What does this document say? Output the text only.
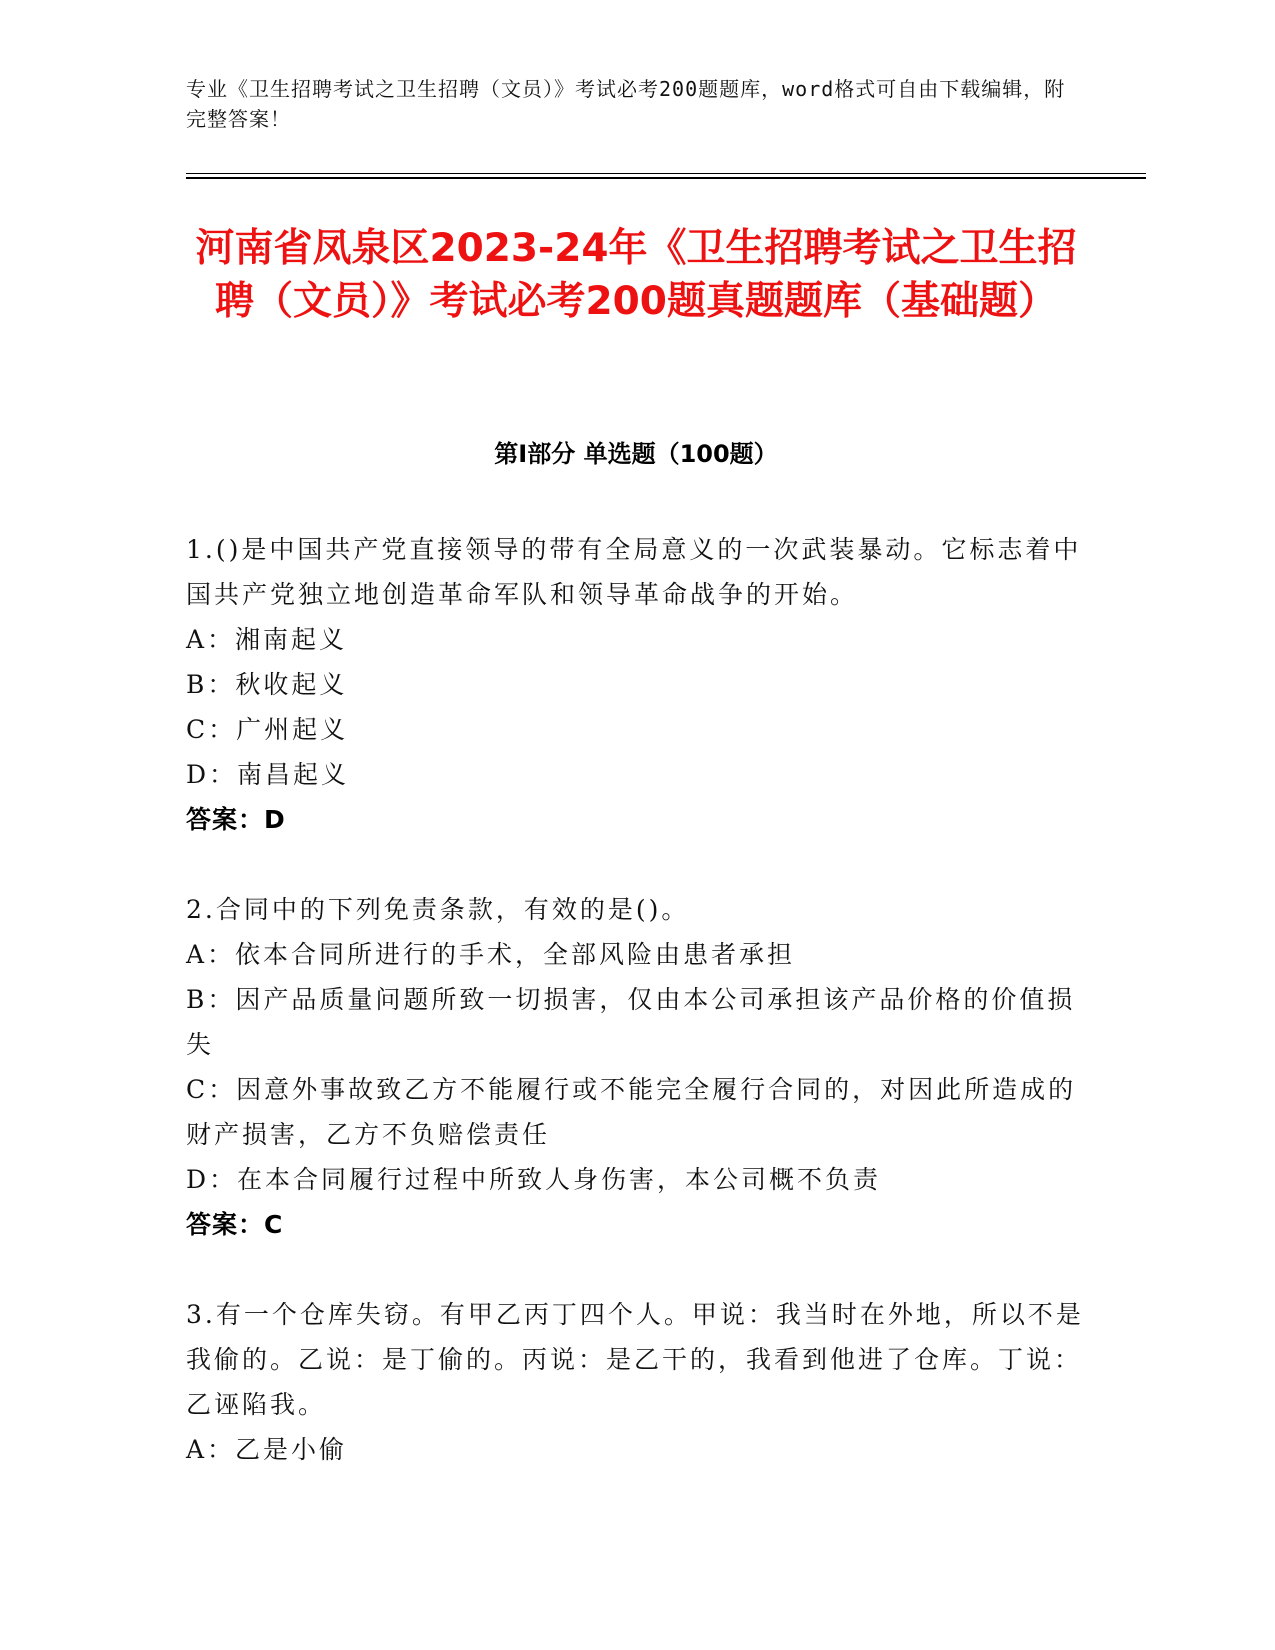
专业《卫生招聘考试之卫生招聘（文员）》考试必考200题题库，word格式可自由下载编辑，附完整答案！
河南省凤泉区2023-24年《卫生招聘考试之卫生招聘（文员）》考试必考200题真题题库（基础题）
第I部分 单选题（100题）
1.()是中国共产党直接领导的带有全局意义的一次武装暴动。它标志着中国共产党独立地创造革命军队和领导革命战争的开始。
A：湘南起义
B：秋收起义
C：广州起义
D：南昌起义
答案：D
2.合同中的下列免责条款，有效的是()。
A：依本合同所进行的手术，全部风险由患者承担
B：因产品质量问题所致一切损害，仅由本公司承担该产品价格的价值损失
C：因意外事故致乙方不能履行或不能完全履行合同的，对因此所造成的财产损害，乙方不负赔偿责任
D：在本合同履行过程中所致人身伤害，本公司概不负责
答案：C
3.有一个仓库失窃。有甲乙丙丁四个人。甲说：我当时在外地，所以不是我偷的。乙说：是丁偷的。丙说：是乙干的，我看到他进了仓库。丁说：乙诬陷我。
A：乙是小偷
